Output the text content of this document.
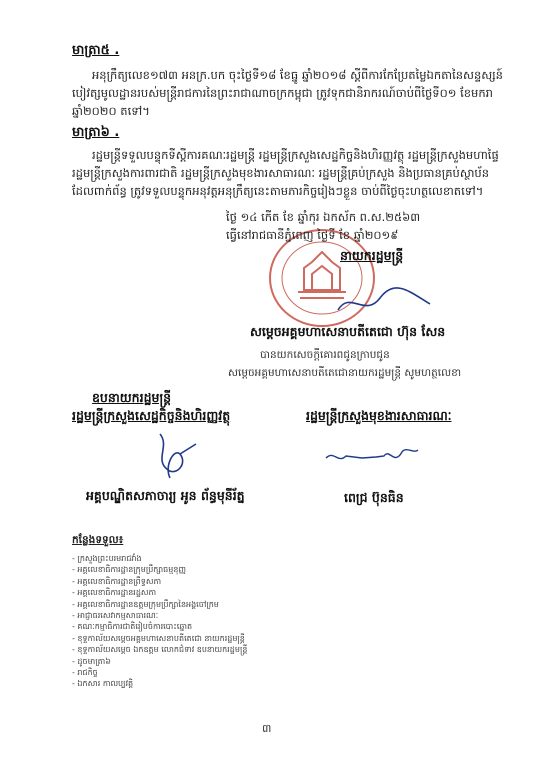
មាត្រា៥ .
អនុក្រឹត្យលេខ១៧៣ អនក្រ.បក ចុះថ្ងៃទី១៨ ខែធ្នូ ឆ្នាំ២០១៨ ស្តីពីការកែប្រែតម្លៃឯកតានៃសន្ទស្សន៍
បៀវត្សមូលដ្ឋានរបស់មន្ត្រីរាជការនៃព្រះរាជាណាចក្រកម្ពុជា ត្រូវទុកជានិរាករណ៍ចាប់ពីថ្ងៃទី០១ ខែមករា
ឆ្នាំ២០២០ តទៅ។
មាត្រា៦ .
រដ្ឋមន្ត្រីទទួលបន្ទុកទីស្តីការគណៈរដ្ឋមន្ត្រី រដ្ឋមន្ត្រីក្រសួងសេដ្ឋកិច្ចនិងហិរញ្ញវត្ថុ រដ្ឋមន្ត្រីក្រសួងមហាផ្ទៃ
រដ្ឋមន្ត្រីក្រសួងការពារជាតិ រដ្ឋមន្ត្រីក្រសួងមុខងារសាធារណៈ រដ្ឋមន្ត្រីគ្រប់ក្រសួង និងប្រធានគ្រប់ស្ថាប័ន
ដែលពាក់ព័ន្ធ ត្រូវទទួលបន្ទុកអនុវត្តអនុក្រឹត្យនេះតាមភារកិច្ចរៀងៗខ្លួន ចាប់ពីថ្ងៃចុះហត្ថលេខាតទៅ។
ថ្ងៃ ១៤ កើត ខែ ឆ្នាំកុរ ឯកស័ក ព.ស.២៥៦៣
ធ្វើនៅរាជធានីភ្នំពេញ ថ្ងៃទី ខែ ឆ្នាំ២០១៩
នាយករដ្ឋមន្ត្រី
សម្តេចអគ្គមហាសេនាបតីតេជោ ហ៊ុន សែន
បានយកសេចក្តីគោរពជូនក្រាបជូន
សម្តេចអគ្គមហាសេនាបតីតេជោនាយករដ្ឋមន្ត្រី សូមហត្ថលេខា
ឧបនាយករដ្ឋមន្ត្រី
រដ្ឋមន្ត្រីក្រសួងសេដ្ឋកិច្ចនិងហិរញ្ញវត្ថុ
អគ្គបណ្ឌិតសភាចារ្យ អូន ព័ន្ធមុនីរ័ត្ន
រដ្ឋមន្ត្រីក្រសួងមុខងារសាធារណៈ
ពេជ្រ ប៊ុនធិន
កន្លែងទទួល៖
- ក្រសួងព្រះបរមរាជវាំង
- អគ្គលេខាធិការដ្ឋានក្រុមប្រឹក្សាធម្មនុញ្ញ
- អគ្គលេខាធិការដ្ឋានព្រឹទ្ធសភា
- អគ្គលេខាធិការដ្ឋានរដ្ឋសភា
- អគ្គលេខាធិការដ្ឋានឧត្តមក្រុមប្រឹក្សានៃអង្គចៅក្រម
- អាជ្ញាធរសេវាកម្មសាធារណៈ
- គណៈកម្មាធិការជាតិរៀបចំការបោះឆ្នោត
- ខុទ្ទកាល័យសម្តេចអគ្គមហាសេនាបតីតេជោ នាយករដ្ឋមន្ត្រី
- ខុទ្ទកាល័យសម្តេច ឯកឧត្តម លោកជំទាវ ឧបនាយករដ្ឋមន្ត្រី
- ដូចមាត្រា៦
- រាជកិច្ច
- ឯកសារ កាលប្បវត្តិ
៣
